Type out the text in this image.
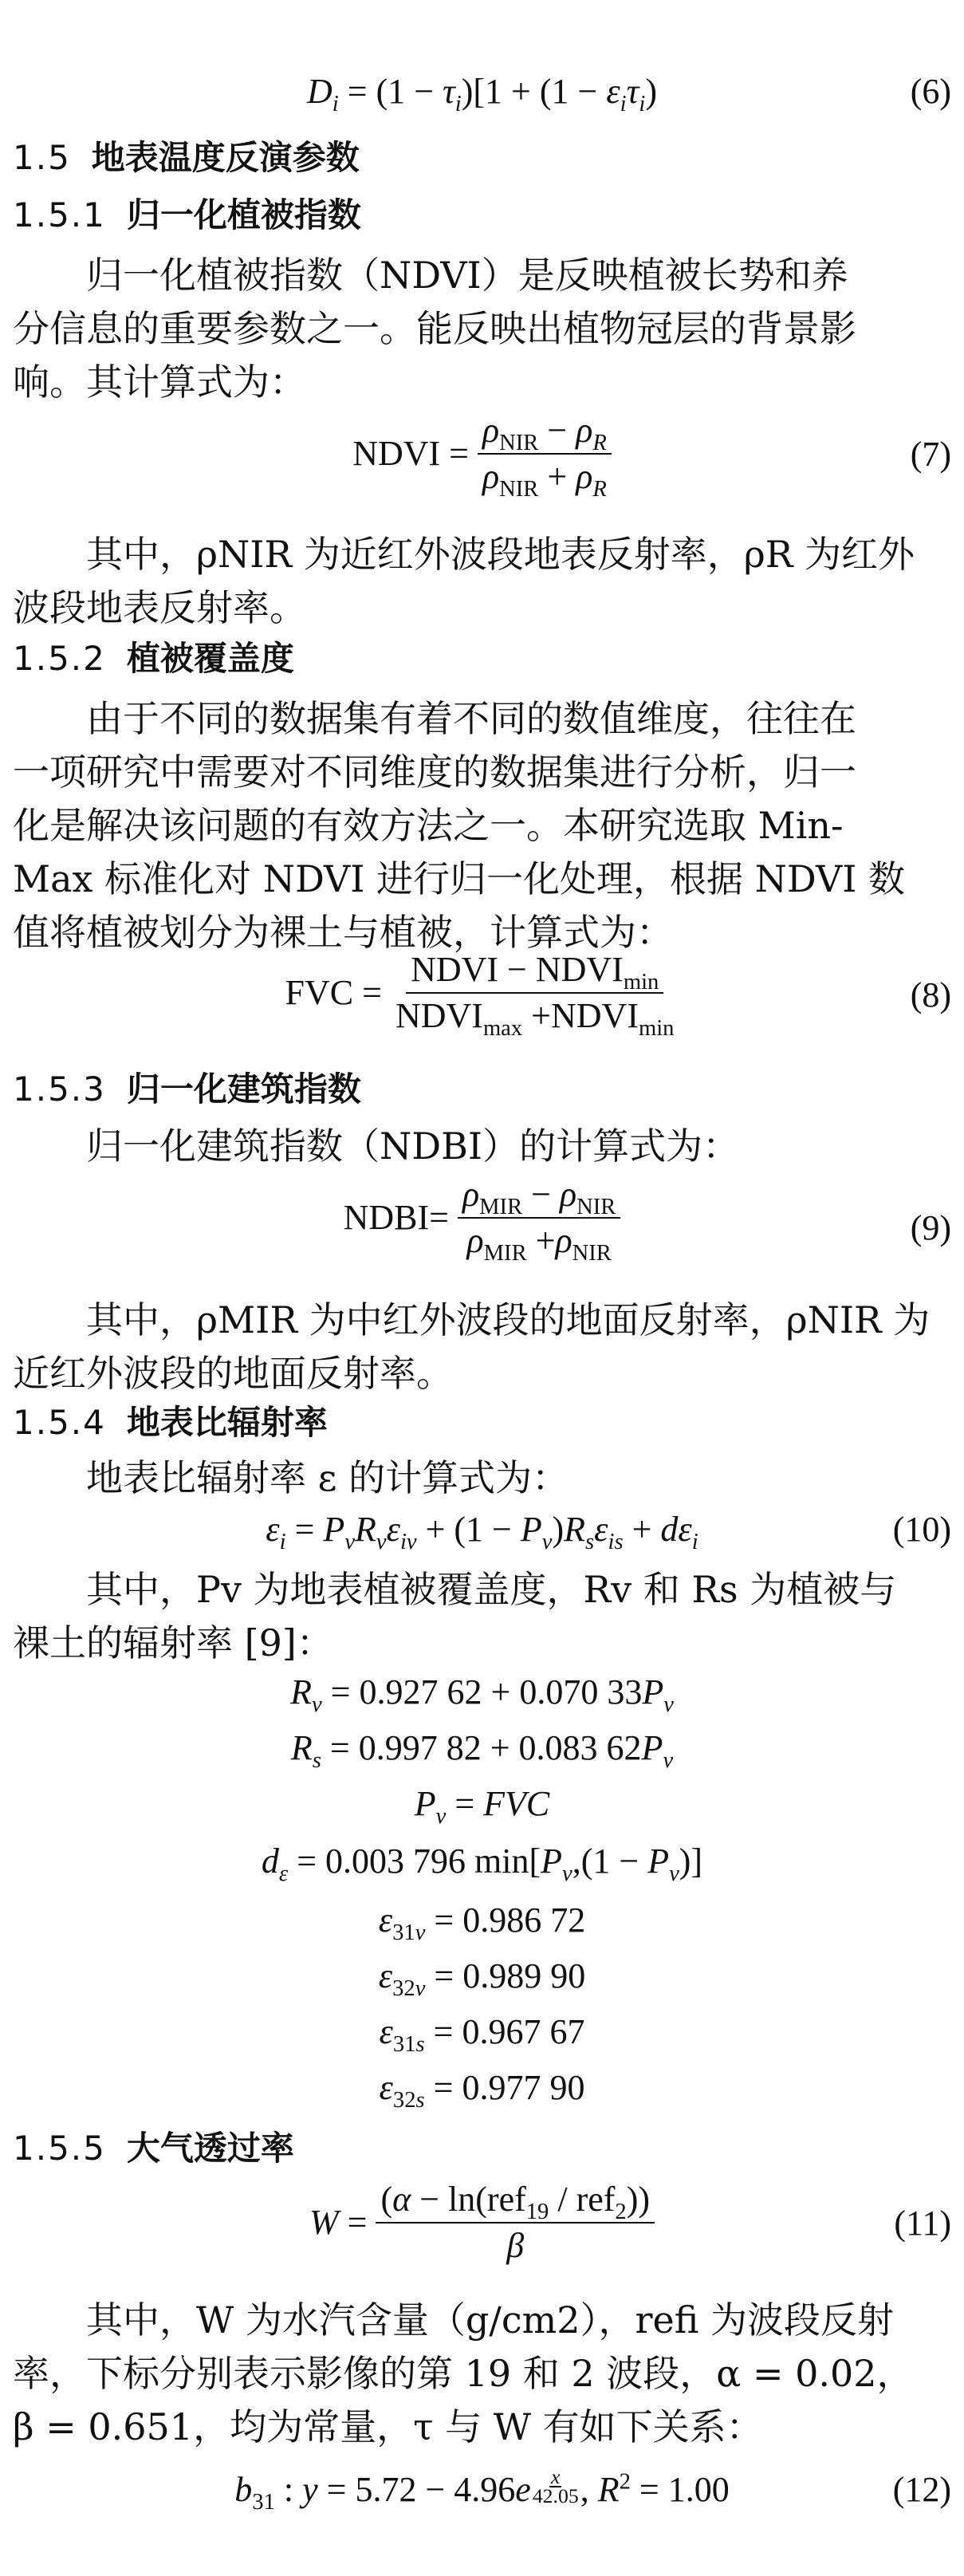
$D_i = (1 - \tau_i)[1 + (1 - \varepsilon_i\tau_i)$	(6)
1.5 地表温度反演参数
1.5.1 归一化植被指数
归一化植被指数（NDVI）是反映植被长势和养
分信息的重要参数之一。能反映出植物冠层的背景影
响。其计算式为：
NDVI = $\frac{\rho_{NIR} - \rho_R}{\rho_{NIR} + \rho_R}$	(7)
其中，ρNIR 为近红外波段地表反射率，ρR 为红外
波段地表反射率。
1.5.2 植被覆盖度
由于不同的数据集有着不同的数值维度，往往在
一项研究中需要对不同维度的数据集进行分析，归一
化是解决该问题的有效方法之一。本研究选取 Min-
Max 标准化对 NDVI 进行归一化处理，根据 NDVI 数
值将植被划分为裸土与植被，计算式为：
FVC = $\frac{NDVI - NDVI_{min}}{NDVI_{max} +NDVI_{min}}$	(8)
1.5.3 归一化建筑指数
归一化建筑指数（NDBI）的计算式为：
NDBI= $\frac{\rho_{MIR} - \rho_{NIR}}{\rho_{MIR} +\rho_{NIR}}$	(9)
其中，ρMIR 为中红外波段的地面反射率，ρNIR 为
近红外波段的地面反射率。
1.5.4 地表比辐射率
地表比辐射率 ε 的计算式为：
$\varepsilon_i = P_vR_v\varepsilon_{iv} + (1 - P_v)R_s\varepsilon_{is} + d\varepsilon_i$	(10)
其中，Pv 为地表植被覆盖度，Rv 和 Rs 为植被与
裸土的辐射率 [9]：
$R_v = 0.927$ 62 + 0.070 $33P_v$
$R_s = 0.997$ 82 + 0.083 $62P_v$
$P_v$ = FVC
$d_\varepsilon = 0.003$ 796 $\min[P_v,(1 - P_v)]$
$\varepsilon_{31v} = 0.986$ 72
$\varepsilon_{32v} = 0.989$ 90
$\varepsilon_{31s} = 0.967$ 67
$\varepsilon_{32s} = 0.977$ 90
1.5.5 大气透过率
$W = \frac{(\alpha - \ln(ref_{19} / ref_2))}{\beta}$	(11)
其中，W 为水汽含量（g/cm2），refi 为波段反射
率，下标分别表示影像的第 19 和 2 波段，α = 0.02，
β = 0.651，均为常量，τ 与 W 有如下关系：
$b_{31}$ : y = 5.72 − 4.96e $^{\frac{x}{42.05}}$ , $R^2 = 1.00$	(12)
